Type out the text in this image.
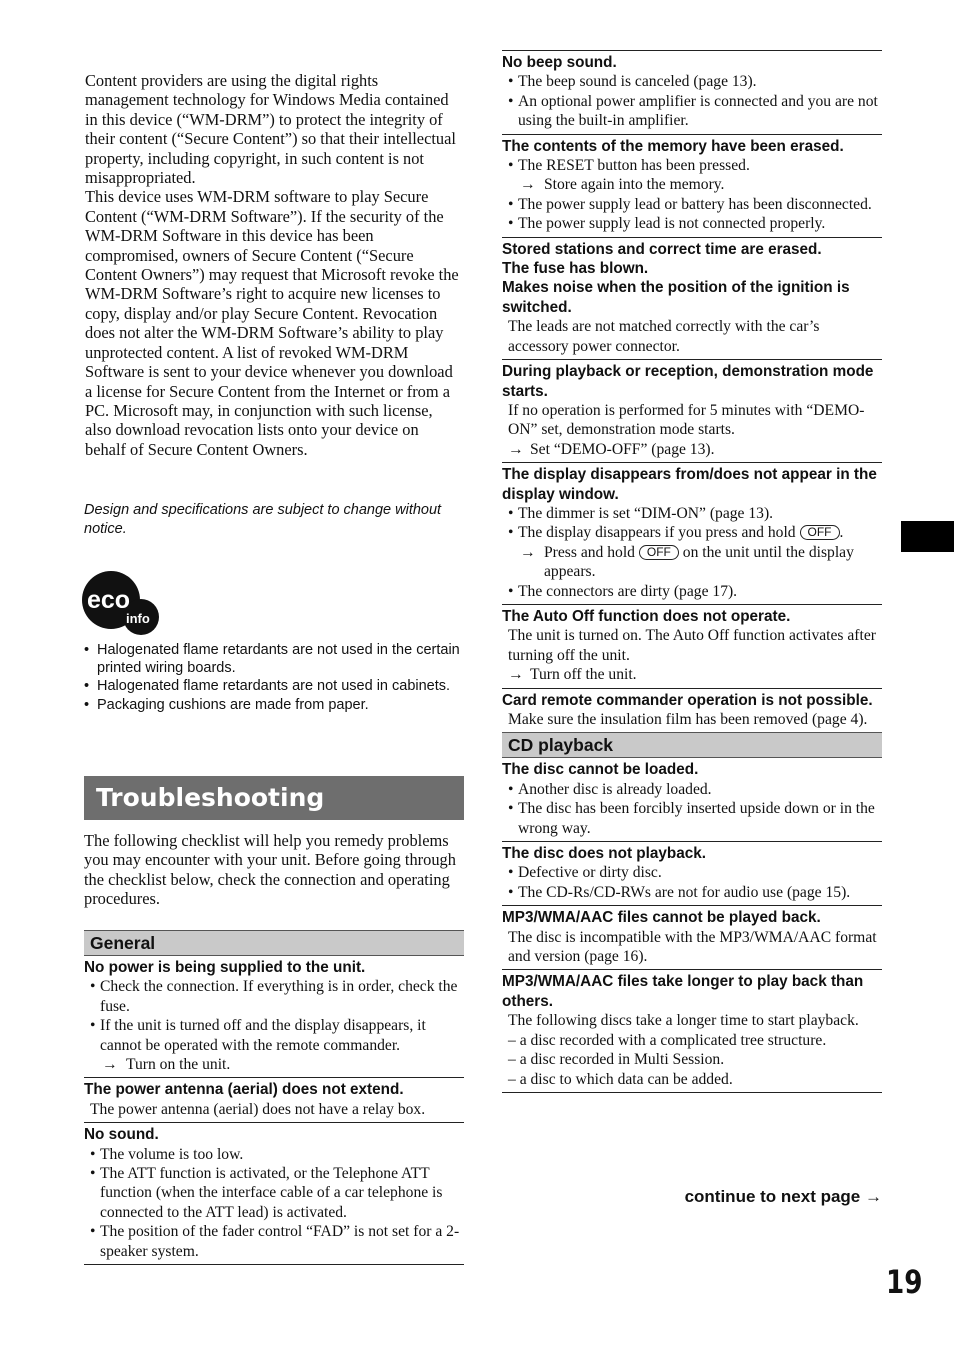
Content providers are using the digital rights management technology for Windows Media contained in this device (“WM-DRM”) to protect the integrity of their content (“Secure Content”) so that their intellectual property, including copyright, in such content is not misappropriated.

This device uses WM-DRM software to play Secure Content (“WM-DRM Software”). If the security of the WM-DRM Software in this device has been compromised, owners of Secure Content (“Secure Content Owners”) may request that Microsoft revoke the WM-DRM Software’s right to acquire new licenses to copy, display and/or play Secure Content. Revocation does not alter the WM-DRM Software’s ability to play unprotected content. A list of revoked WM-DRM Software is sent to your device whenever you download a license for Secure Content from the Internet or from a PC. Microsoft may, in conjunction with such license, also download revocation lists onto your device on behalf of Secure Content Owners.

Design and specifications are subject to change without notice.
eco
info
• Halogenated flame retardants are not used in the certain printed wiring boards.
• Halogenated flame retardants are not used in cabinets.
• Packaging cushions are made from paper.
Troubleshooting
The following checklist will help you remedy problems you may encounter with your unit. Before going through the checklist below, check the connection and operating procedures.
General
No power is being supplied to the unit.
• Check the connection. If everything is in order, check the fuse.
• If the unit is turned off and the display disappears, it cannot be operated with the remote commander.
→ Turn on the unit.
The power antenna (aerial) does not extend.
The power antenna (aerial) does not have a relay box.
No sound.
• The volume is too low.
• The ATT function is activated, or the Telephone ATT function (when the interface cable of a car telephone is connected to the ATT lead) is activated.
• The position of the fader control “FAD” is not set for a 2-speaker system.
No beep sound.
• The beep sound is canceled (page 13).
• An optional power amplifier is connected and you are not using the built-in amplifier.
The contents of the memory have been erased.
• The RESET button has been pressed.
→ Store again into the memory.
• The power supply lead or battery has been disconnected.
• The power supply lead is not connected properly.
Stored stations and correct time are erased.
The fuse has blown.
Makes noise when the position of the ignition is switched.
The leads are not matched correctly with the car’s accessory power connector.
During playback or reception, demonstration mode starts.
If no operation is performed for 5 minutes with “DEMO-ON” set, demonstration mode starts.
→ Set “DEMO-OFF” (page 13).
The display disappears from/does not appear in the display window.
• The dimmer is set “DIM-ON” (page 13).
• The display disappears if you press and hold OFF .
→ Press and hold OFF on the unit until the display appears.
• The connectors are dirty (page 17).
The Auto Off function does not operate.
The unit is turned on. The Auto Off function activates after turning off the unit.
→ Turn off the unit.
Card remote commander operation is not possible.
Make sure the insulation film has been removed (page 4).
CD playback
The disc cannot be loaded.
• Another disc is already loaded.
• The disc has been forcibly inserted upside down or in the wrong way.
The disc does not playback.
• Defective or dirty disc.
• The CD-Rs/CD-RWs are not for audio use (page 15).
MP3/WMA/AAC files cannot be played back.
The disc is incompatible with the MP3/WMA/AAC format and version (page 16).
MP3/WMA/AAC files take longer to play back than others.
The following discs take a longer time to start playback.
– a disc recorded with a complicated tree structure.
– a disc recorded in Multi Session.
– a disc to which data can be added.
continue to next page →
19
